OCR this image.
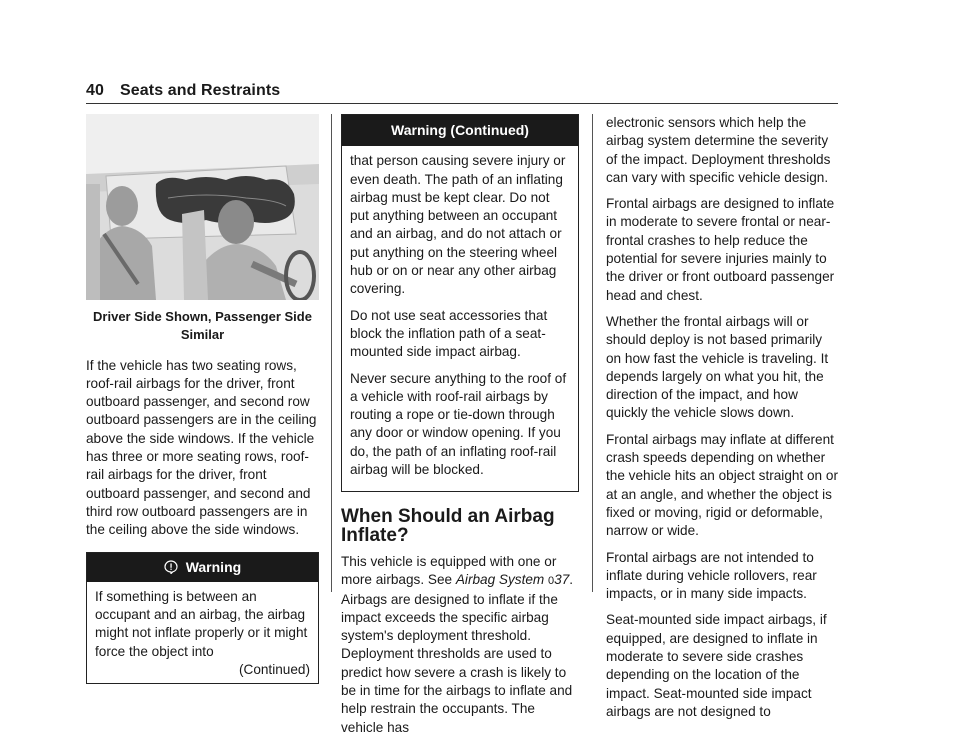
40 Seats and Restraints
Driver Side Shown, Passenger Side Similar

If the vehicle has two seating rows, roof-rail airbags for the driver, front outboard passenger, and second row outboard passengers are in the ceiling above the side windows. If the vehicle has three or more seating rows, roof-rail airbags for the driver, front outboard passenger, and second and third row outboard passengers are in the ceiling above the side windows.

Warning

If something is between an occupant and an airbag, the airbag might not inflate properly or it might force the object into

(Continued)
Warning (Continued)

that person causing severe injury or even death. The path of an inflating airbag must be kept clear. Do not put anything between an occupant and an airbag, and do not attach or put anything on the steering wheel hub or on or near any other airbag covering.

Do not use seat accessories that block the inflation path of a seat-mounted side impact airbag.

Never secure anything to the roof of a vehicle with roof-rail airbags by routing a rope or tie-down through any door or window opening. If you do, the path of an inflating roof-rail airbag will be blocked.

When Should an Airbag Inflate?

This vehicle is equipped with one or more airbags. See Airbag System 037. Airbags are designed to inflate if the impact exceeds the specific airbag system's deployment threshold. Deployment thresholds are used to predict how severe a crash is likely to be in time for the airbags to inflate and help restrain the occupants. The vehicle has

electronic sensors which help the airbag system determine the severity of the impact. Deployment thresholds can vary with specific vehicle design.

Frontal airbags are designed to inflate in moderate to severe frontal or near-frontal crashes to help reduce the potential for severe injuries mainly to the driver or front outboard passenger head and chest.

Whether the frontal airbags will or should deploy is not based primarily on how fast the vehicle is traveling. It depends largely on what you hit, the direction of the impact, and how quickly the vehicle slows down.

Frontal airbags may inflate at different crash speeds depending on whether the vehicle hits an object straight on or at an angle, and whether the object is fixed or moving, rigid or deformable, narrow or wide.

Frontal airbags are not intended to inflate during vehicle rollovers, rear impacts, or in many side impacts.

Seat-mounted side impact airbags, if equipped, are designed to inflate in moderate to severe side crashes depending on the location of the impact. Seat-mounted side impact airbags are not designed to
